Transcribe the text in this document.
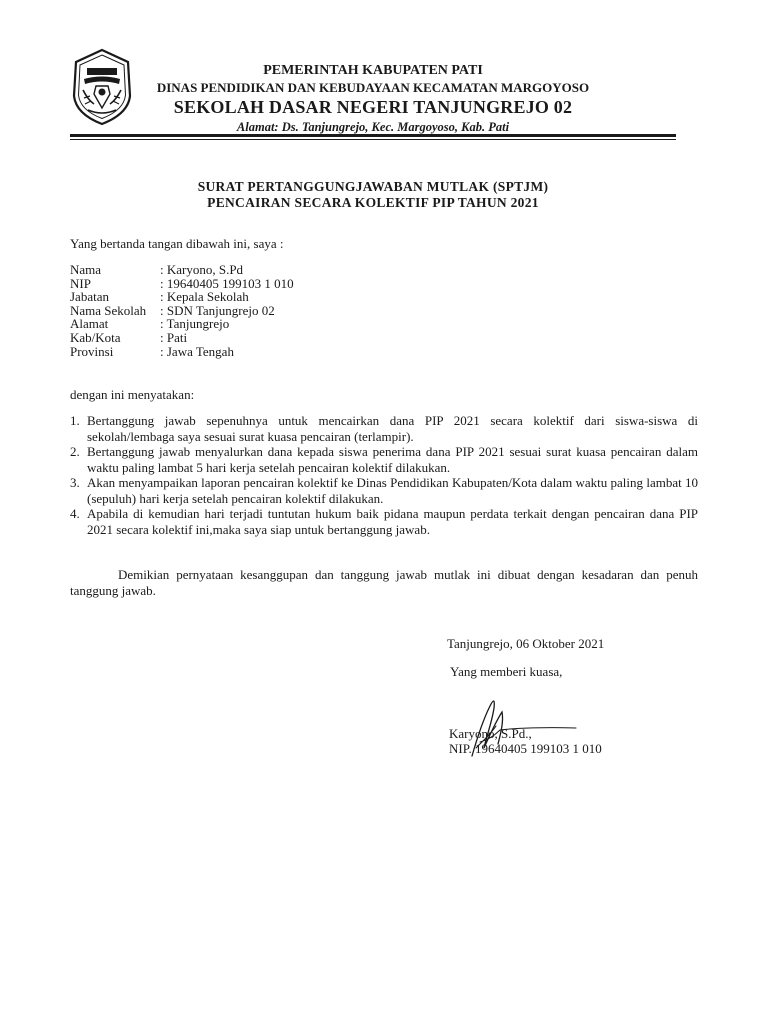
PEMERINTAH KABUPATEN PATI
DINAS PENDIDIKAN DAN KEBUDAYAAN KECAMATAN MARGOYOSO
SEKOLAH DASAR NEGERI TANJUNGREJO 02
Alamat: Ds. Tanjungrejo, Kec. Margoyoso, Kab. Pati
SURAT PERTANGGUNGJAWABAN MUTLAK (SPTJM)
PENCAIRAN SECARA KOLEKTIF PIP TAHUN 2021
Yang bertanda tangan dibawah ini, saya :
Nama	: Karyono, S.Pd
NIP	: 19640405 199103 1 010
Jabatan	: Kepala Sekolah
Nama Sekolah	: SDN Tanjungrejo 02
Alamat	: Tanjungrejo
Kab/Kota	: Pati
Provinsi	: Jawa Tengah
dengan ini menyatakan:
1. Bertanggung jawab sepenuhnya untuk mencairkan dana PIP 2021 secara kolektif dari siswa-siswa di sekolah/lembaga saya sesuai surat kuasa pencairan (terlampir).
2. Bertanggung jawab menyalurkan dana kepada siswa penerima dana PIP 2021 sesuai surat kuasa pencairan dalam waktu paling lambat 5 hari kerja setelah pencairan kolektif dilakukan.
3. Akan menyampaikan laporan pencairan kolektif ke Dinas Pendidikan Kabupaten/Kota dalam waktu paling lambat 10 (sepuluh) hari kerja setelah pencairan kolektif dilakukan.
4. Apabila di kemudian hari terjadi tuntutan hukum baik pidana maupun perdata terkait dengan pencairan dana PIP 2021 secara kolektif ini,maka saya siap untuk bertanggung jawab.
Demikian pernyataan kesanggupan dan tanggung jawab mutlak ini dibuat dengan kesadaran dan penuh tanggung jawab.
Tanjungrejo, 06 Oktober 2021
Yang memberi kuasa,
Karyono, S.Pd.,
NIP. 19640405 199103 1 010
